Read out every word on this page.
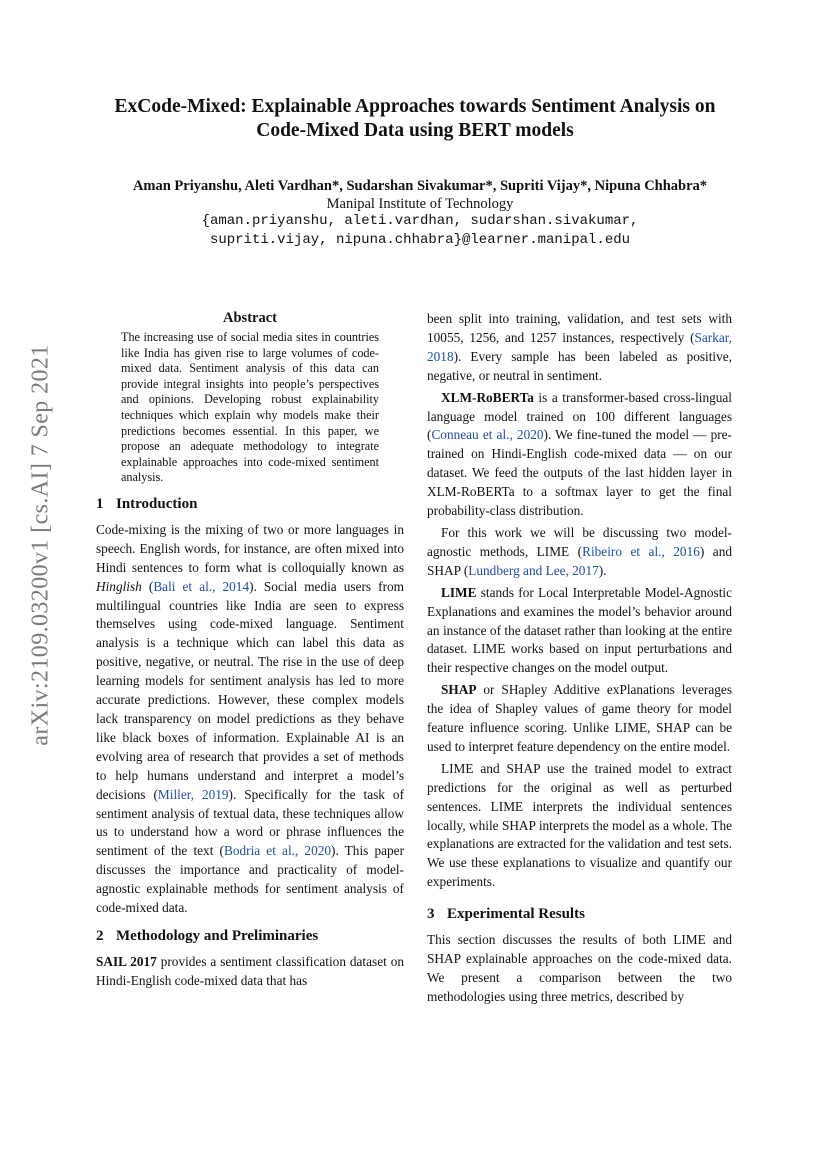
arXiv:2109.03200v1 [cs.AI] 7 Sep 2021
ExCode-Mixed: Explainable Approaches towards Sentiment Analysis on
Code-Mixed Data using BERT models
Aman Priyanshu, Aleti Vardhan*, Sudarshan Sivakumar*, Supriti Vijay*, Nipuna Chhabra*
Manipal Institute of Technology
{aman.priyanshu, aleti.vardhan, sudarshan.sivakumar,
supriti.vijay, nipuna.chhabra}@learner.manipal.edu
Abstract

The increasing use of social media sites in countries like India has given rise to large volumes of code-mixed data. Sentiment analysis of this data can provide integral insights into people’s perspectives and opinions. Developing robust explainability techniques which explain why models make their predictions becomes essential. In this paper, we propose an adequate methodology to integrate explainable approaches into code-mixed sentiment analysis.

1 Introduction

Code-mixing is the mixing of two or more languages in speech. English words, for instance, are often mixed into Hindi sentences to form what is colloquially known as Hinglish (Bali et al., 2014). Social media users from multilingual countries like India are seen to express themselves using code-mixed language. Sentiment analysis is a technique which can label this data as positive, negative, or neutral. The rise in the use of deep learning models for sentiment analysis has led to more accurate predictions. However, these complex models lack transparency on model predictions as they behave like black boxes of information. Explainable AI is an evolving area of research that provides a set of methods to help humans understand and interpret a model’s decisions (Miller, 2019). Specifically for the task of sentiment analysis of textual data, these techniques allow us to understand how a word or phrase influences the sentiment of the text (Bodria et al., 2020). This paper discusses the importance and practicality of model-agnostic explainable methods for sentiment analysis of code-mixed data.

2 Methodology and Preliminaries

SAIL 2017 provides a sentiment classification dataset on Hindi-English code-mixed data that has

been split into training, validation, and test sets with 10055, 1256, and 1257 instances, respectively (Sarkar, 2018). Every sample has been labeled as positive, negative, or neutral in sentiment.

XLM-RoBERTa is a transformer-based cross-lingual language model trained on 100 different languages (Conneau et al., 2020). We fine-tuned the model — pre-trained on Hindi-English code-mixed data — on our dataset. We feed the outputs of the last hidden layer in XLM-RoBERTa to a softmax layer to get the final probability-class distribution.

For this work we will be discussing two model-agnostic methods, LIME (Ribeiro et al., 2016) and SHAP (Lundberg and Lee, 2017).

LIME stands for Local Interpretable Model-Agnostic Explanations and examines the model’s behavior around an instance of the dataset rather than looking at the entire dataset. LIME works based on input perturbations and their respective changes on the model output.

SHAP or SHapley Additive exPlanations leverages the idea of Shapley values of game theory for model feature influence scoring. Unlike LIME, SHAP can be used to interpret feature dependency on the entire model.

LIME and SHAP use the trained model to extract predictions for the original as well as perturbed sentences. LIME interprets the individual sentences locally, while SHAP interprets the model as a whole. The explanations are extracted for the validation and test sets. We use these explanations to visualize and quantify our experiments.

3 Experimental Results

This section discusses the results of both LIME and SHAP explainable approaches on the code-mixed data. We present a comparison between the two methodologies using three metrics, described by
